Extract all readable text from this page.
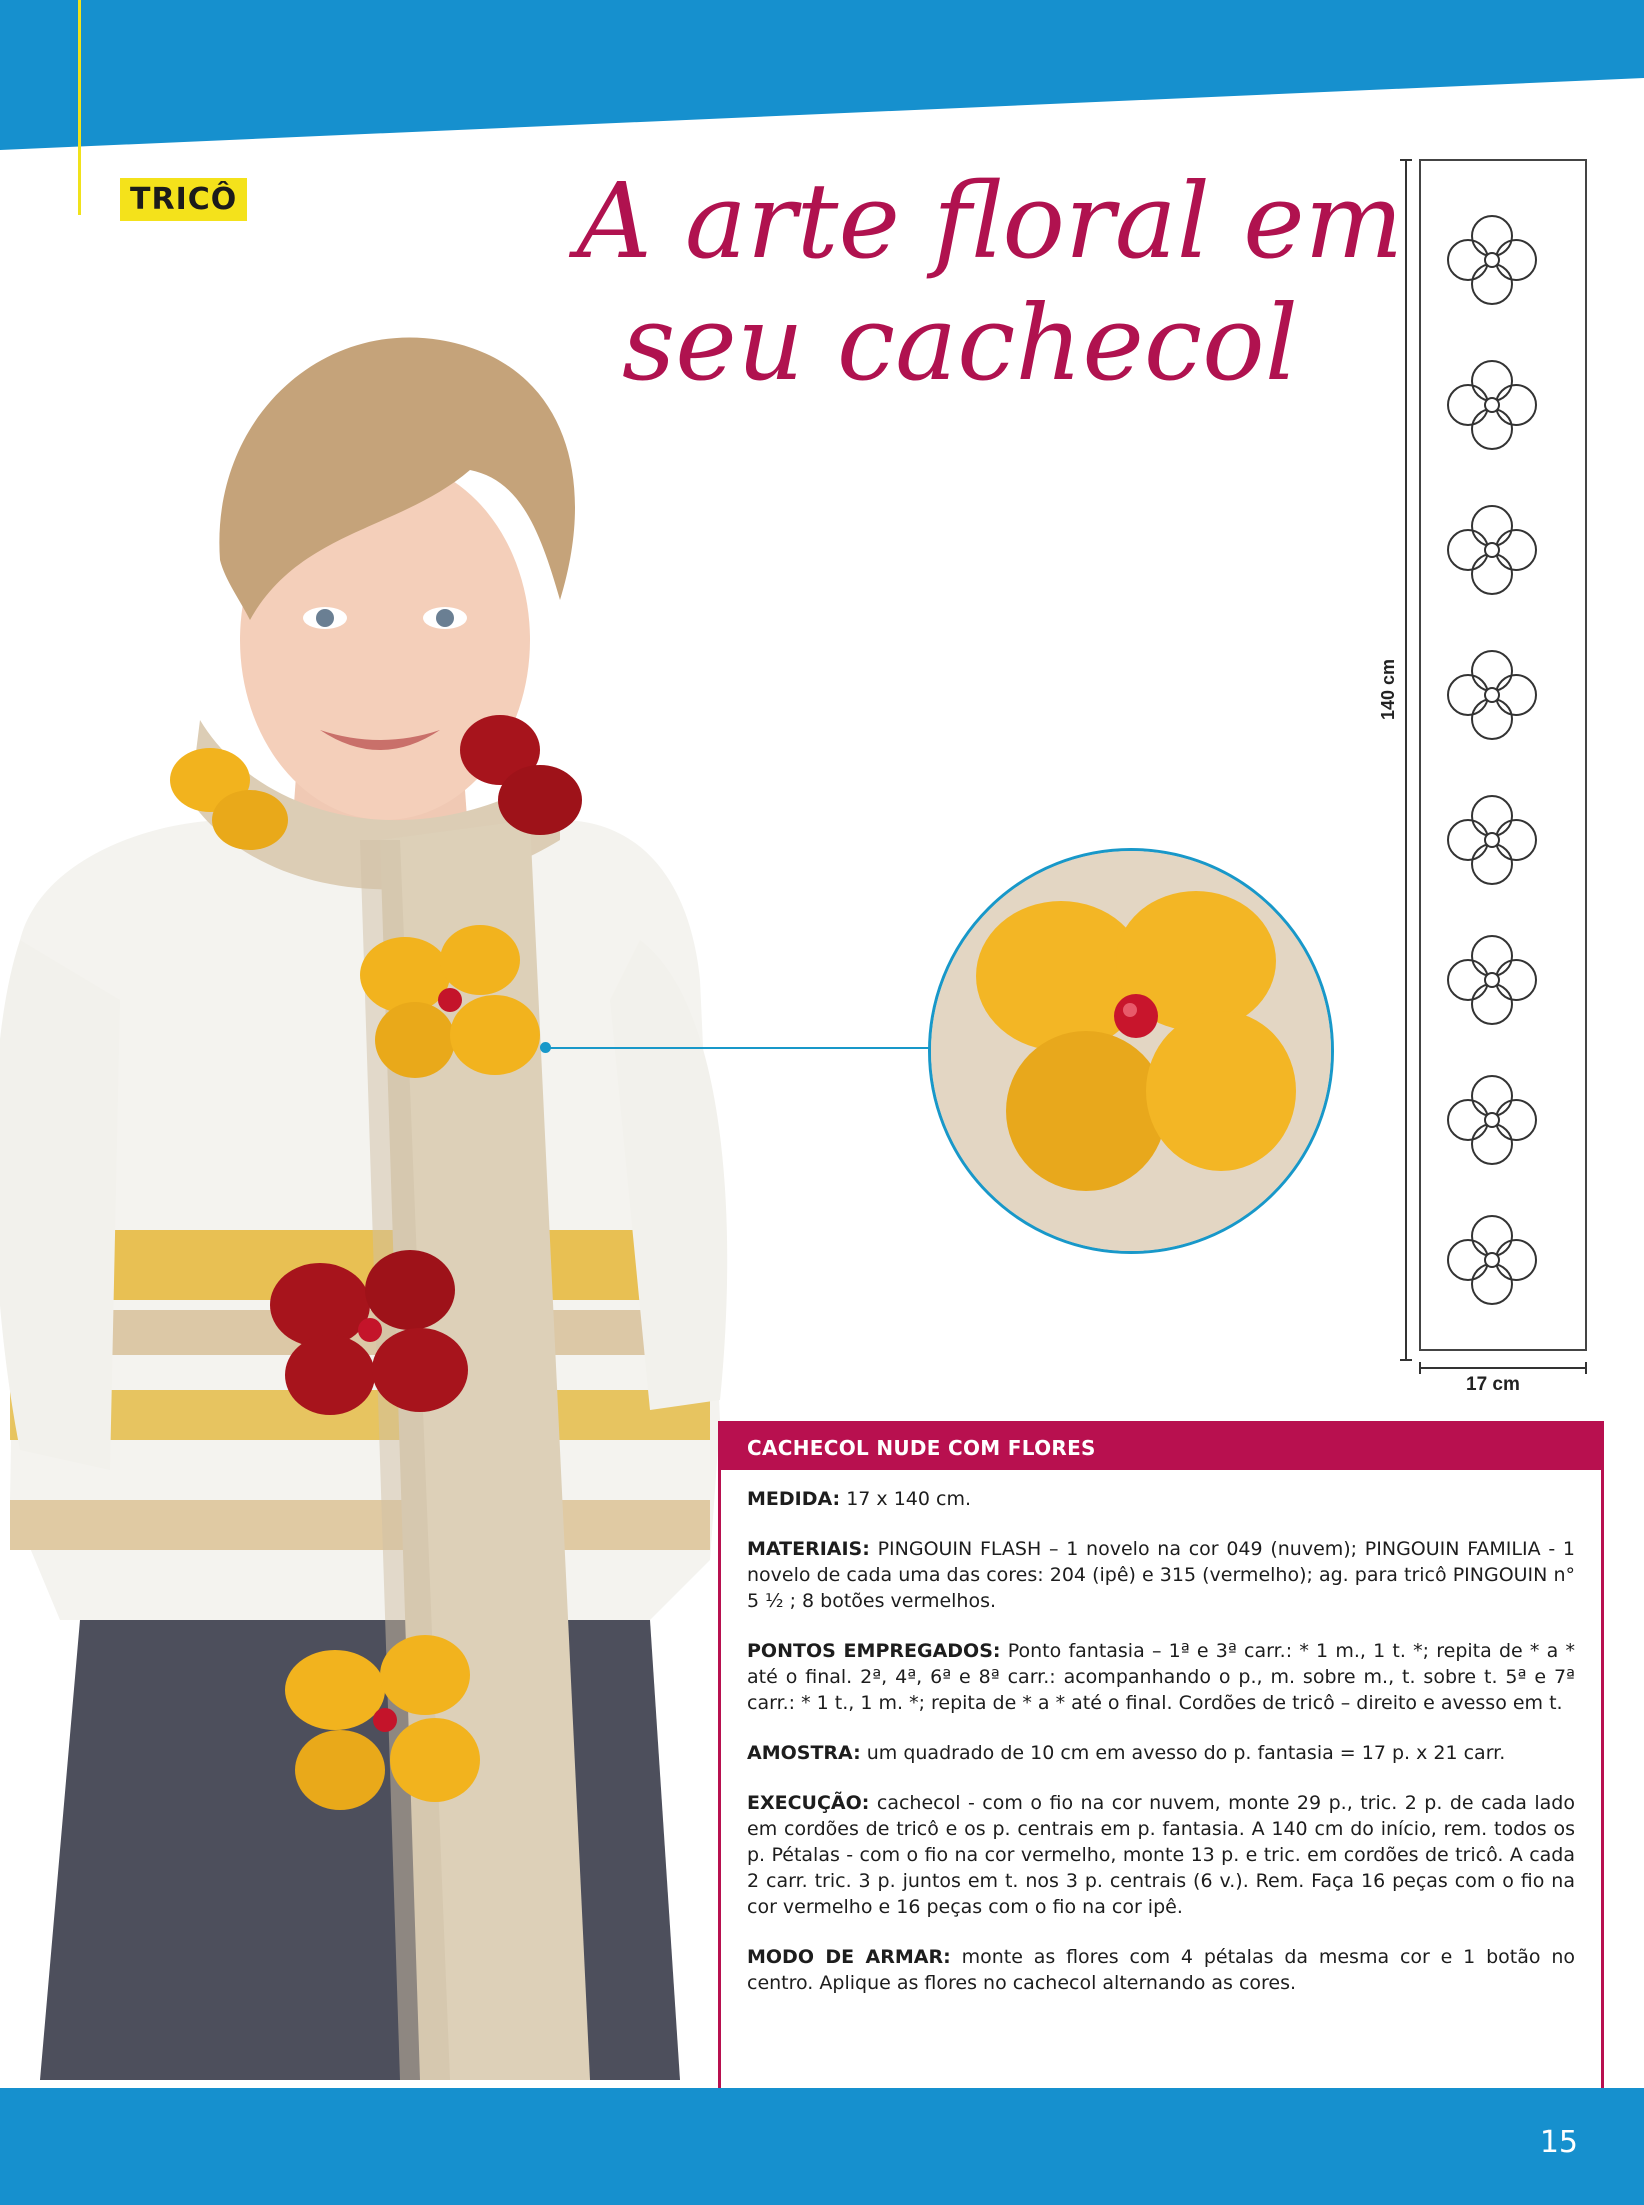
TRICÔ	A arte floral em
seu cachecol
140 cm
17 cm
CACHECOL NUDE COM FLORES

MEDIDA: 17 x 140 cm.

MATERIAIS: PINGOUIN FLASH – 1 novelo na cor 049 (nuvem); PINGOUIN FAMILIA - 1 novelo de cada uma das cores: 204 (ipê) e 315 (vermelho); ag. para tricô PINGOUIN n° 5 ½ ; 8 botões vermelhos.

PONTOS EMPREGADOS: Ponto fantasia – 1ª e 3ª carr.: * 1 m., 1 t. *; repita de * a * até o final. 2ª, 4ª, 6ª e 8ª carr.: acompanhando o p., m. sobre m., t. sobre t. 5ª e 7ª carr.: * 1 t., 1 m. *; repita de * a * até o final. Cordões de tricô – direito e avesso em t.

AMOSTRA: um quadrado de 10 cm em avesso do p. fantasia = 17 p. x 21 carr.

EXECUÇÃO: cachecol - com o fio na cor nuvem, monte 29 p., tric. 2 p. de cada lado em cordões de tricô e os p. centrais em p. fantasia. A 140 cm do início, rem. todos os p. Pétalas - com o fio na cor vermelho, monte 13 p. e tric. em cordões de tricô. A cada 2 carr. tric. 3 p. juntos em t. nos 3 p. centrais (6 v.). Rem. Faça 16 peças com o fio na cor vermelho e 16 peças com o fio na cor ipê.

MODO DE ARMAR: monte as flores com 4 pétalas da mesma cor e 1 botão no centro. Aplique as flores no cachecol alternando as cores.

15
